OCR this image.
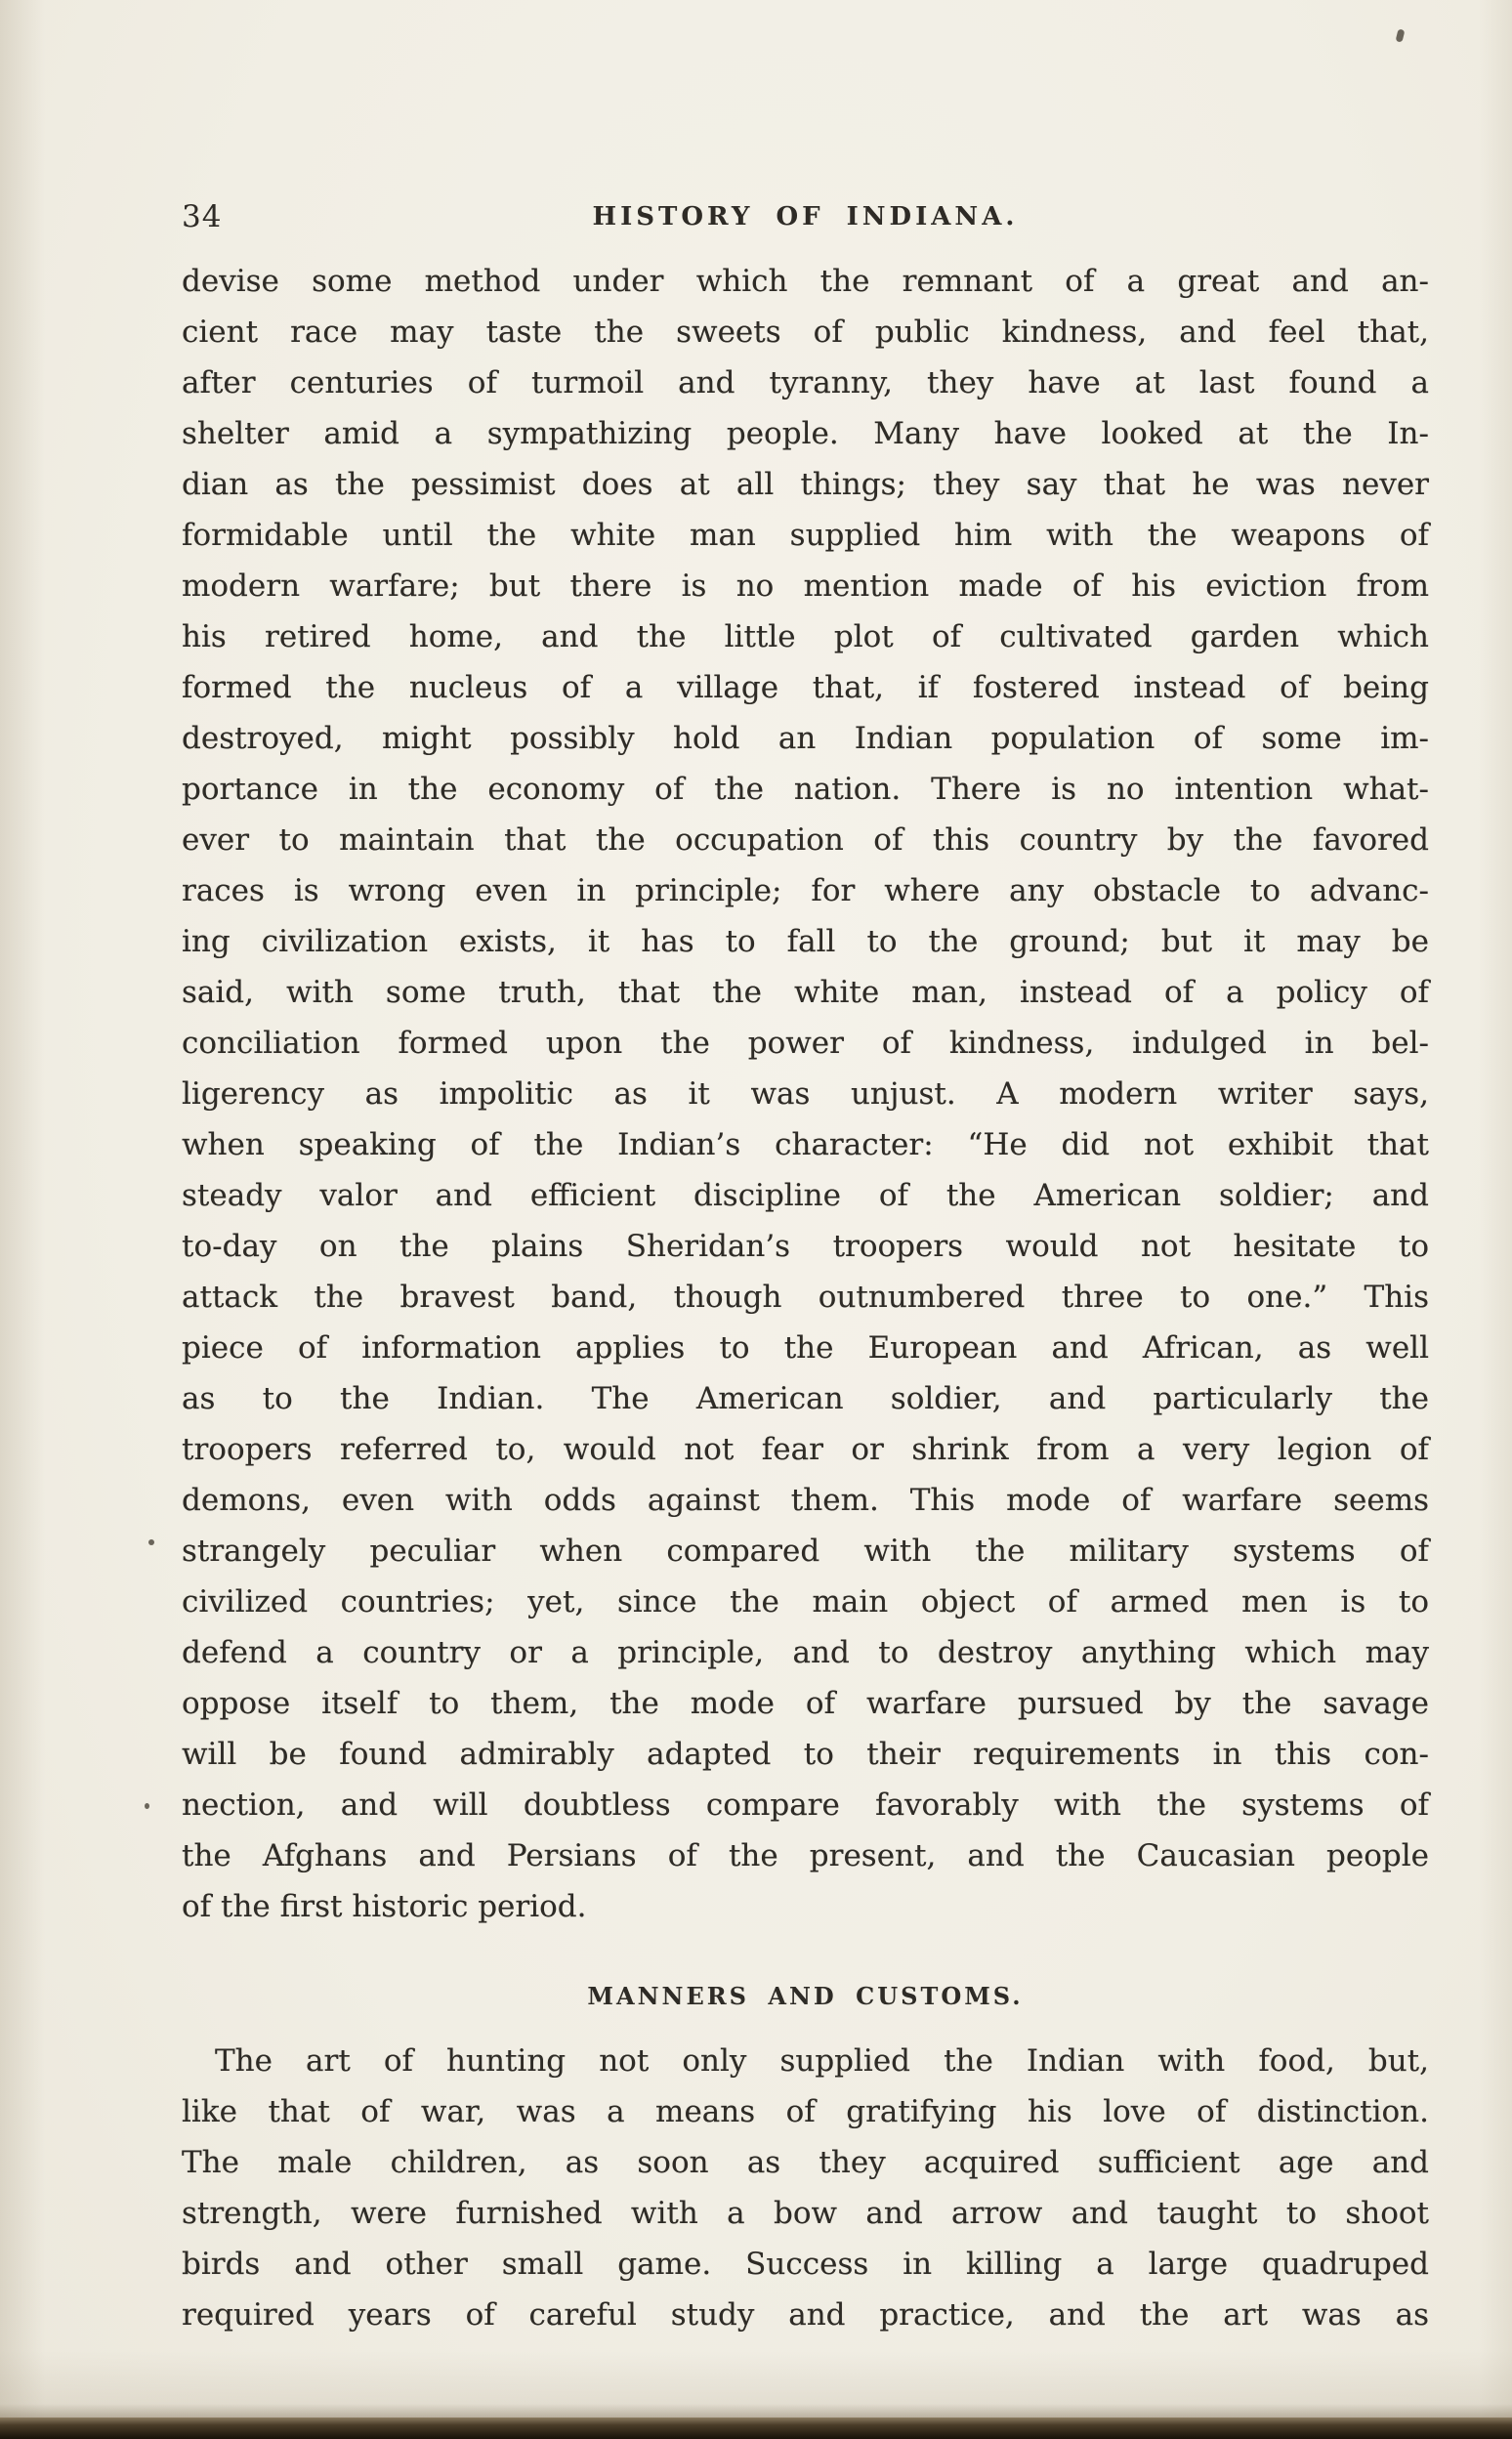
34	HISTORY OF INDIANA.
devise some method under which the remnant of a great and an-
cient race may taste the sweets of public kindness, and feel that,
after centuries of turmoil and tyranny, they have at last found a
shelter amid a sympathizing people. Many have looked at the In-
dian as the pessimist does at all things; they say that he was never
formidable until the white man supplied him with the weapons of
modern warfare; but there is no mention made of his eviction from
his retired home, and the little plot of cultivated garden which
formed the nucleus of a village that, if fostered instead of being
destroyed, might possibly hold an Indian population of some im-
portance in the economy of the nation. There is no intention what-
ever to maintain that the occupation of this country by the favored
races is wrong even in principle; for where any obstacle to advanc-
ing civilization exists, it has to fall to the ground; but it may be
said, with some truth, that the white man, instead of a policy of
conciliation formed upon the power of kindness, indulged in bel-
ligerency as impolitic as it was unjust. A modern writer says,
when speaking of the Indian’s character: “He did not exhibit that
steady valor and efficient discipline of the American soldier; and
to-day on the plains Sheridan’s troopers would not hesitate to
attack the bravest band, though outnumbered three to one.” This
piece of information applies to the European and African, as well
as to the Indian. The American soldier, and particularly the
troopers referred to, would not fear or shrink from a very legion of
demons, even with odds against them. This mode of warfare seems
strangely peculiar when compared with the military systems of
civilized countries; yet, since the main object of armed men is to
defend a country or a principle, and to destroy anything which may
oppose itself to them, the mode of warfare pursued by the savage
will be found admirably adapted to their requirements in this con-
nection, and will doubtless compare favorably with the systems of
the Afghans and Persians of the present, and the Caucasian people
of the first historic period.
MANNERS AND CUSTOMS.
The art of hunting not only supplied the Indian with food, but,
like that of war, was a means of gratifying his love of distinction.
The male children, as soon as they acquired sufficient age and
strength, were furnished with a bow and arrow and taught to shoot
birds and other small game. Success in killing a large quadruped
required years of careful study and practice, and the art was as
